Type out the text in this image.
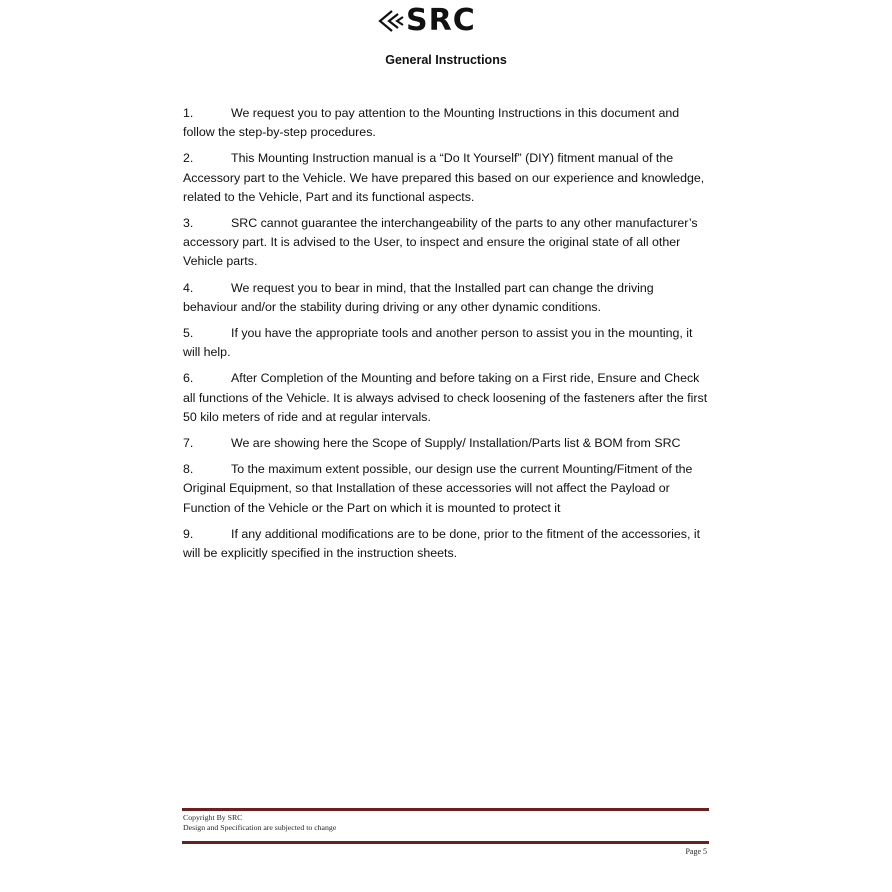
SRC
General Instructions

1.	We request you to pay attention to the Mounting Instructions in this document and follow the step-by-step procedures.

2.	This Mounting Instruction manual is a “Do It Yourself” (DIY) fitment manual of the Accessory part to the Vehicle. We have prepared this based on our experience and knowledge, related to the Vehicle, Part and its functional aspects.

3.	SRC cannot guarantee the interchangeability of the parts to any other manufacturer’s accessory part. It is advised to the User, to inspect and ensure the original state of all other Vehicle parts.

4.	We request you to bear in mind, that the Installed part can change the driving behaviour and/or the stability during driving or any other dynamic conditions.

5.	If you have the appropriate tools and another person to assist you in the mounting, it will help.

6.	After Completion of the Mounting and before taking on a First ride, Ensure and Check all functions of the Vehicle. It is always advised to check loosening of the fasteners after the first 50 kilo meters of ride and at regular intervals.

7.	We are showing here the Scope of Supply/ Installation/Parts list & BOM from SRC

8.	To the maximum extent possible, our design use the current Mounting/Fitment of the Original Equipment, so that Installation of these accessories will not affect the Payload or Function of the Vehicle or the Part on which it is mounted to protect it

9.	If any additional modifications are to be done, prior to the fitment of the accessories, it will be explicitly specified in the instruction sheets.

Copyright By SRC
Design and Specification are subjected to change
Page 5
